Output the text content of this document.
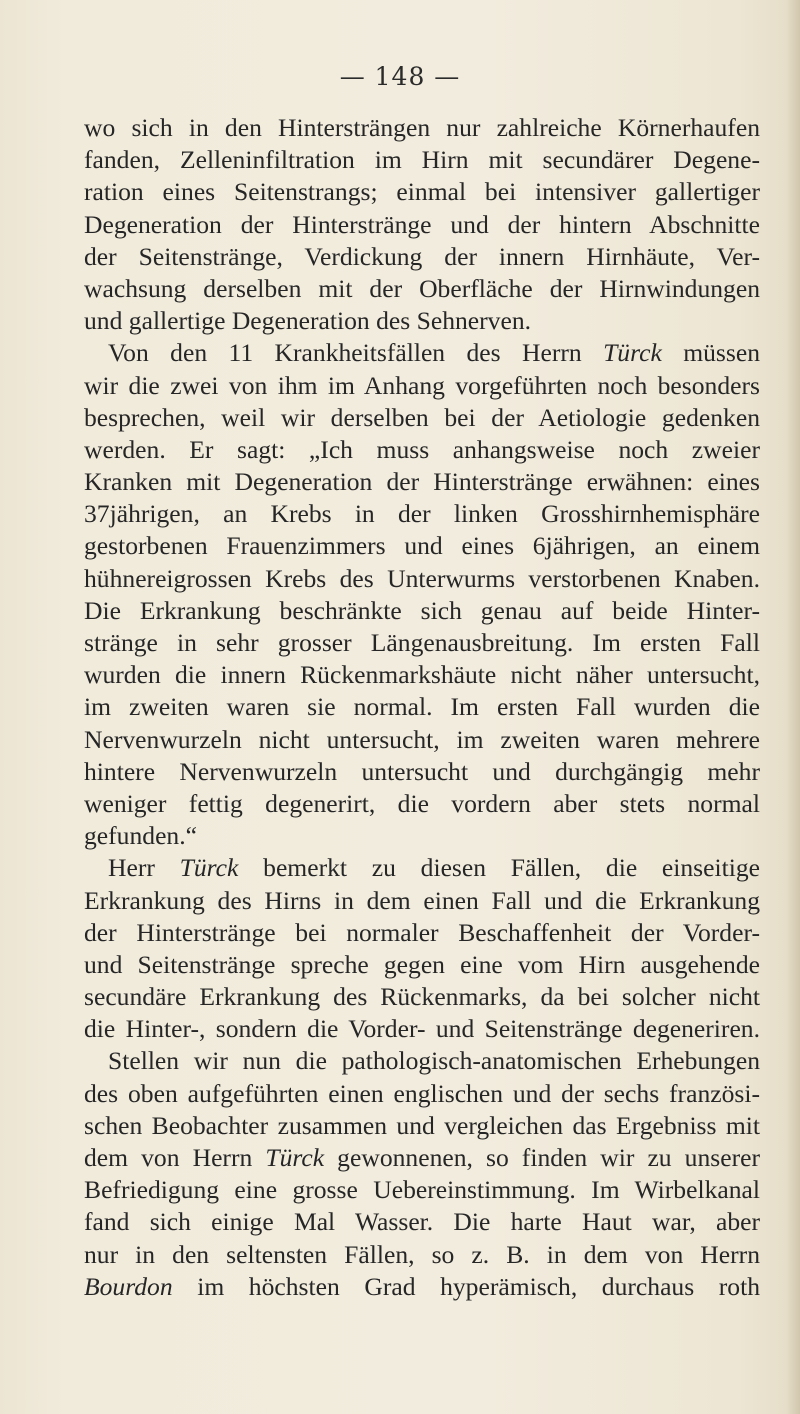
— 148 —
wo sich in den Hintersträngen nur zahlreiche Körnerhaufen
fanden, Zelleninfiltration im Hirn mit secundärer Degene-
ration eines Seitenstrangs; einmal bei intensiver gallertiger
Degeneration der Hinterstränge und der hintern Abschnitte
der Seitenstränge, Verdickung der innern Hirnhäute, Ver-
wachsung derselben mit der Oberfläche der Hirnwindungen
und gallertige Degeneration des Sehnerven.
Von den 11 Krankheitsfällen des Herrn Türck müssen
wir die zwei von ihm im Anhang vorgeführten noch besonders
besprechen, weil wir derselben bei der Aetiologie gedenken
werden. Er sagt: „Ich muss anhangsweise noch zweier
Kranken mit Degeneration der Hinterstränge erwähnen: eines
37jährigen, an Krebs in der linken Grosshirnhemisphäre
gestorbenen Frauenzimmers und eines 6jährigen, an einem
hühnereigrossen Krebs des Unterwurms verstorbenen Knaben.
Die Erkrankung beschränkte sich genau auf beide Hinter-
stränge in sehr grosser Längenausbreitung. Im ersten Fall
wurden die innern Rückenmarkshäute nicht näher untersucht,
im zweiten waren sie normal. Im ersten Fall wurden die
Nervenwurzeln nicht untersucht, im zweiten waren mehrere
hintere Nervenwurzeln untersucht und durchgängig mehr
weniger fettig degenerirt, die vordern aber stets normal
gefunden.“
Herr Türck bemerkt zu diesen Fällen, die einseitige
Erkrankung des Hirns in dem einen Fall und die Erkrankung
der Hinterstränge bei normaler Beschaffenheit der Vorder-
und Seitenstränge spreche gegen eine vom Hirn ausgehende
secundäre Erkrankung des Rückenmarks, da bei solcher nicht
die Hinter-, sondern die Vorder- und Seitenstränge degeneriren.
Stellen wir nun die pathologisch-anatomischen Erhebungen
des oben aufgeführten einen englischen und der sechs französi-
schen Beobachter zusammen und vergleichen das Ergebniss mit
dem von Herrn Türck gewonnenen, so finden wir zu unserer
Befriedigung eine grosse Uebereinstimmung. Im Wirbelkanal
fand sich einige Mal Wasser. Die harte Haut war, aber
nur in den seltensten Fällen, so z. B. in dem von Herrn
Bourdon im höchsten Grad hyperämisch, durchaus roth
